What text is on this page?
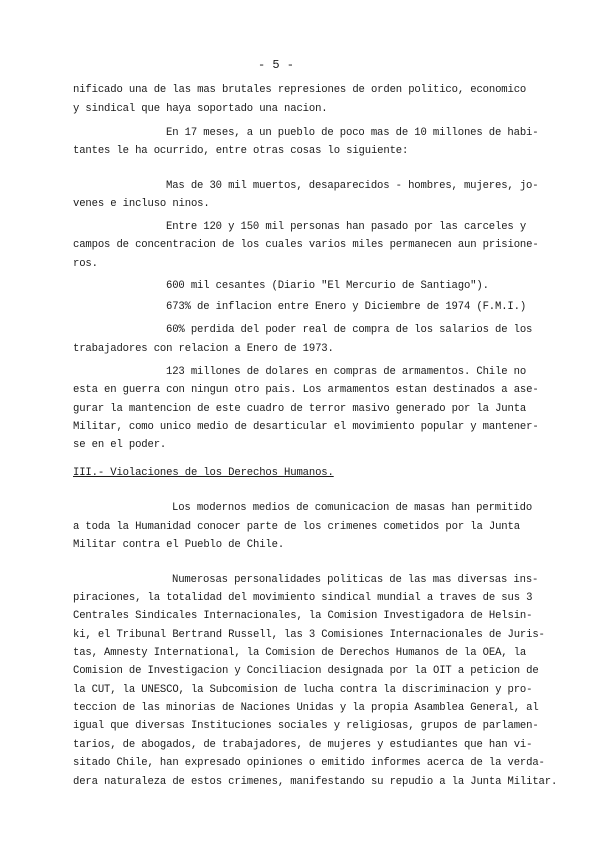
- 5 -
nificado una de las mas brutales represiones de orden politico, economico
y sindical que haya soportado una nacion.
En 17 meses, a un pueblo de poco mas de 10 millones de habi-
tantes le ha ocurrido, entre otras cosas lo siguiente:
Mas de 30 mil muertos, desaparecidos - hombres, mujeres, jo-
venes e incluso ninos.
Entre 120 y 150 mil personas han pasado por las carceles y
campos de concentracion de los cuales varios miles permanecen aun prisione-
ros.
600 mil cesantes (Diario "El Mercurio de Santiago").
673% de inflacion entre Enero y Diciembre de 1974 (F.M.I.)
60% perdida del poder real de compra de los salarios de los
trabajadores con relacion a Enero de 1973.
123 millones de dolares en compras de armamentos. Chile no
esta en guerra con ningun otro pais. Los armamentos estan destinados a ase-
gurar la mantencion de este cuadro de terror masivo generado por la Junta
Militar, como unico medio de desarticular el movimiento popular y mantener-
se en el poder.
III.- Violaciones de los Derechos Humanos.
Los modernos medios de comunicacion de masas han permitido
a toda la Humanidad conocer parte de los crimenes cometidos por la Junta
Militar contra el Pueblo de Chile.
Numerosas personalidades politicas de las mas diversas ins-
piraciones, la totalidad del movimiento sindical mundial a traves de sus 3
Centrales Sindicales Internacionales, la Comision Investigadora de Helsin-
ki, el Tribunal Bertrand Russell, las 3 Comisiones Internacionales de Juris-
tas, Amnesty International, la Comision de Derechos Humanos de la OEA, la
Comision de Investigacion y Conciliacion designada por la OIT a peticion de
la CUT, la UNESCO, la Subcomision de lucha contra la discriminacion y pro-
teccion de las minorias de Naciones Unidas y la propia Asamblea General, al
igual que diversas Instituciones sociales y religiosas, grupos de parlamen-
tarios, de abogados, de trabajadores, de mujeres y estudiantes que han vi-
sitado Chile, han expresado opiniones o emitido informes acerca de la verda-
dera naturaleza de estos crimenes, manifestando su repudio a la Junta Militar.
